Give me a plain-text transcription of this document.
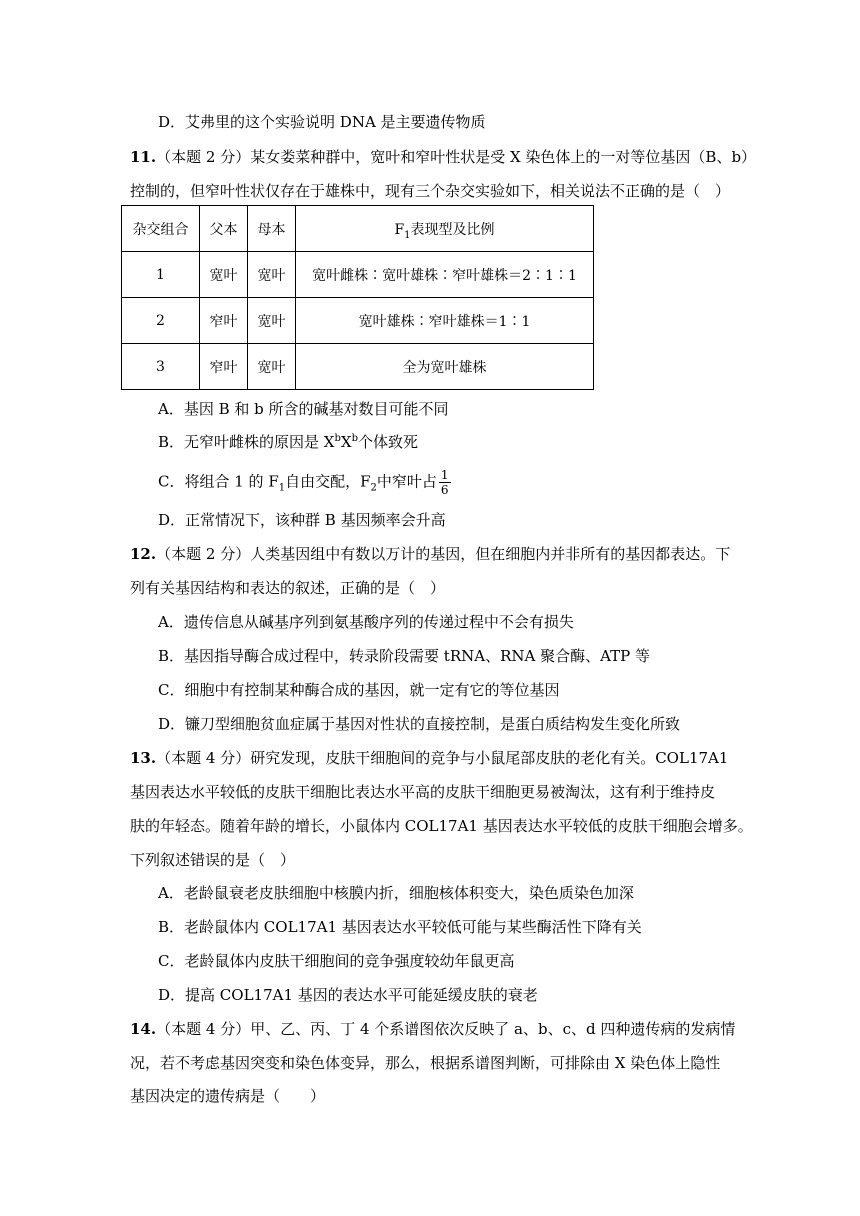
D．艾弗里的这个实验说明 DNA 是主要遗传物质
11.（本题 2 分）某女娄菜种群中，宽叶和窄叶性状是受 X 染色体上的一对等位基因（B、b）
控制的，但窄叶性状仅存在于雄株中，现有三个杂交实验如下，相关说法不正确的是（　）
杂交组合	父本	母本	$F_1$表现型及比例
1	宽叶	宽叶	宽叶雌株∶宽叶雄株∶窄叶雄株＝2∶1∶1
2	窄叶	宽叶	宽叶雄株∶窄叶雄株＝1∶1
3	窄叶	宽叶	全为宽叶雄株
A．基因 B 和 b 所含的碱基对数目可能不同
B．无窄叶雌株的原因是 $X^bX^b$个体致死
C．将组合 1 的 $F_1$自由交配，$F_2$中窄叶占 $\frac{1}{6}$
D．正常情况下，该种群 B 基因频率会升高
12.（本题 2 分）人类基因组中有数以万计的基因，但在细胞内并非所有的基因都表达。下
列有关基因结构和表达的叙述，正确的是（　）
A．遗传信息从碱基序列到氨基酸序列的传递过程中不会有损失
B．基因指导酶合成过程中，转录阶段需要 tRNA、RNA 聚合酶、ATP 等
C．细胞中有控制某种酶合成的基因，就一定有它的等位基因
D．镰刀型细胞贫血症属于基因对性状的直接控制，是蛋白质结构发生变化所致
13.（本题 4 分）研究发现，皮肤干细胞间的竞争与小鼠尾部皮肤的老化有关。COL17A1
基因表达水平较低的皮肤干细胞比表达水平高的皮肤干细胞更易被淘汰，这有利于维持皮
肤的年轻态。随着年龄的增长，小鼠体内 COL17A1 基因表达水平较低的皮肤干细胞会增多。
下列叙述错误的是（　）
A．老龄鼠衰老皮肤细胞中核膜内折，细胞核体积变大，染色质染色加深
B．老龄鼠体内 COL17A1 基因表达水平较低可能与某些酶活性下降有关
C．老龄鼠体内皮肤干细胞间的竞争强度较幼年鼠更高
D．提高 COL17A1 基因的表达水平可能延缓皮肤的衰老
14.（本题 4 分）甲、乙、丙、丁 4 个系谱图依次反映了 a、b、c、d 四种遗传病的发病情
况，若不考虑基因突变和染色体变异，那么，根据系谱图判断，可排除由 X 染色体上隐性
基因决定的遗传病是（　　）
